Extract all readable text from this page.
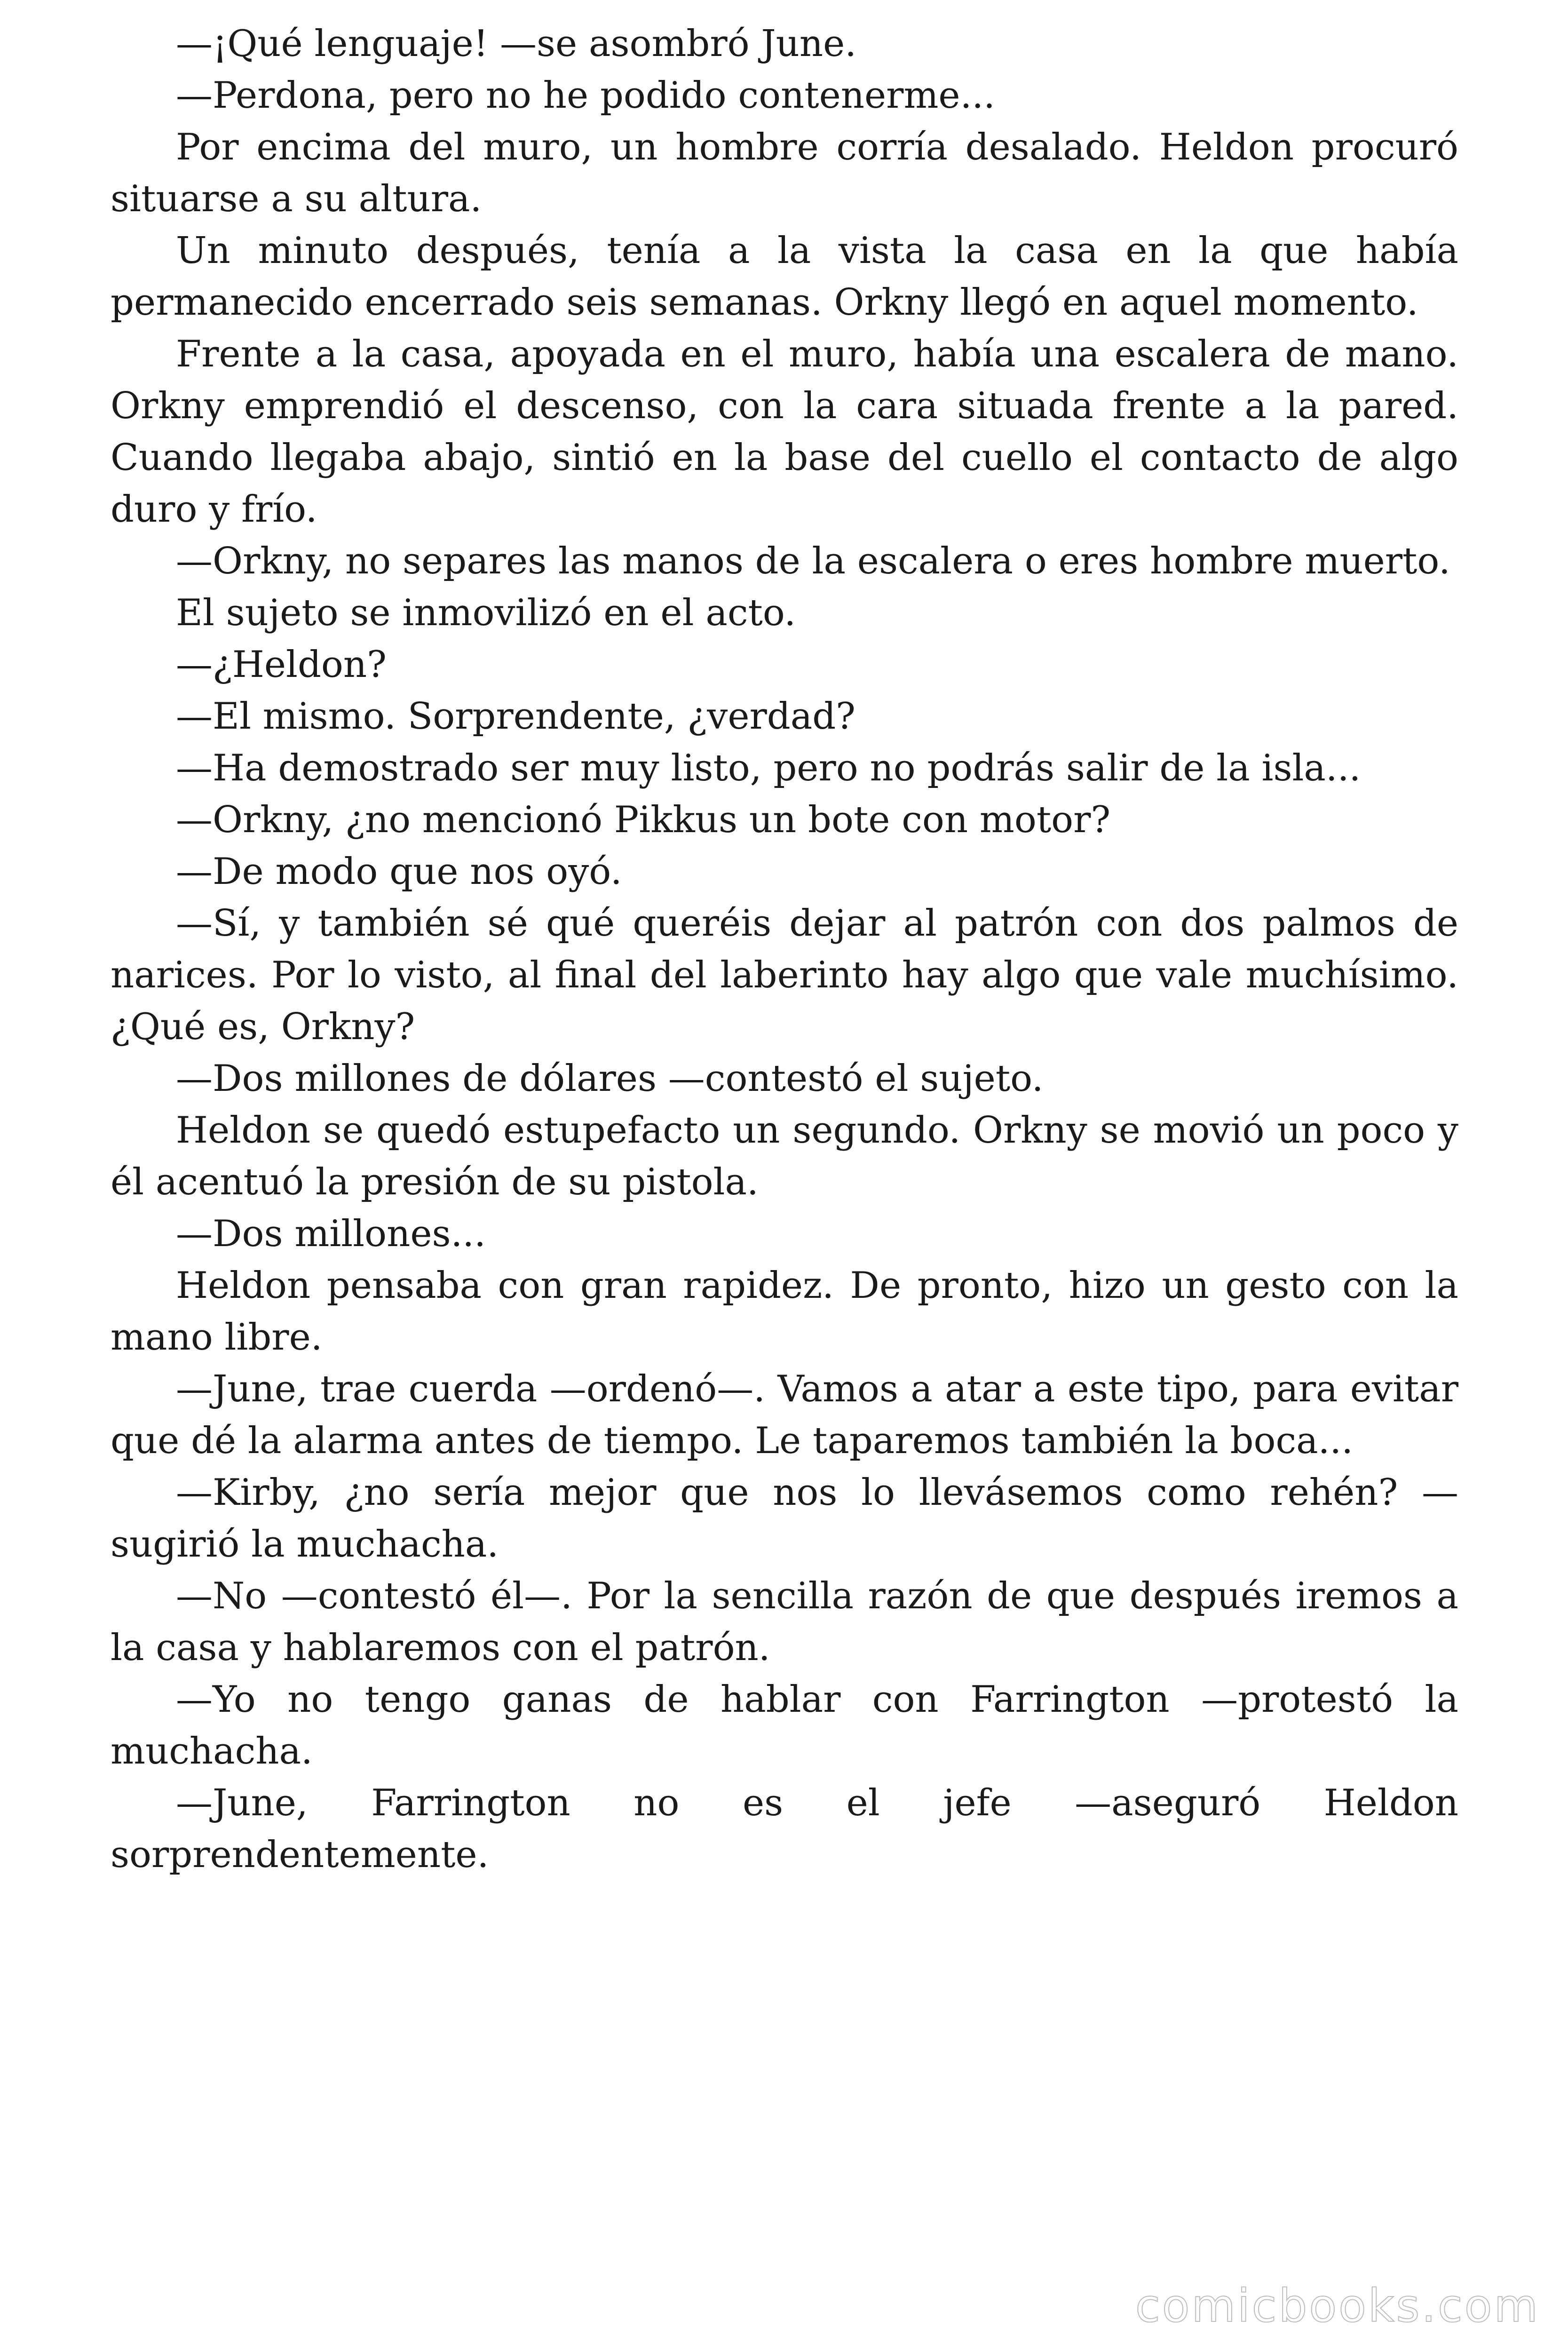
—¡Qué lenguaje! —se asombró June.

—Perdona, pero no he podido contenerme...

Por encima del muro, un hombre corría desalado. Heldon procuró situarse a su altura.

Un minuto después, tenía a la vista la casa en la que había permanecido encerrado seis semanas. Orkny llegó en aquel momento.

Frente a la casa, apoyada en el muro, había una escalera de mano. Orkny emprendió el descenso, con la cara situada frente a la pared. Cuando llegaba abajo, sintió en la base del cuello el contacto de algo duro y frío.

—Orkny, no separes las manos de la escalera o eres hombre muerto.

El sujeto se inmovilizó en el acto.

—¿Heldon?

—El mismo. Sorprendente, ¿verdad?

—Ha demostrado ser muy listo, pero no podrás salir de la isla...

—Orkny, ¿no mencionó Pikkus un bote con motor?

—De modo que nos oyó.

—Sí, y también sé qué queréis dejar al patrón con dos palmos de narices. Por lo visto, al final del laberinto hay algo que vale muchísimo. ¿Qué es, Orkny?

—Dos millones de dólares —contestó el sujeto.

Heldon se quedó estupefacto un segundo. Orkny se movió un poco y él acentuó la presión de su pistola.

—Dos millones...

Heldon pensaba con gran rapidez. De pronto, hizo un gesto con la mano libre.

—June, trae cuerda —ordenó—. Vamos a atar a este tipo, para evitar que dé la alarma antes de tiempo. Le taparemos también la boca...

—Kirby, ¿no sería mejor que nos lo llevásemos como rehén? —sugirió la muchacha.

—No —contestó él—. Por la sencilla razón de que después iremos a la casa y hablaremos con el patrón.

—Yo no tengo ganas de hablar con Farrington —protestó la muchacha.

—June, Farrington no es el jefe —aseguró Heldon sorprendentemente.

comicbooks.com
